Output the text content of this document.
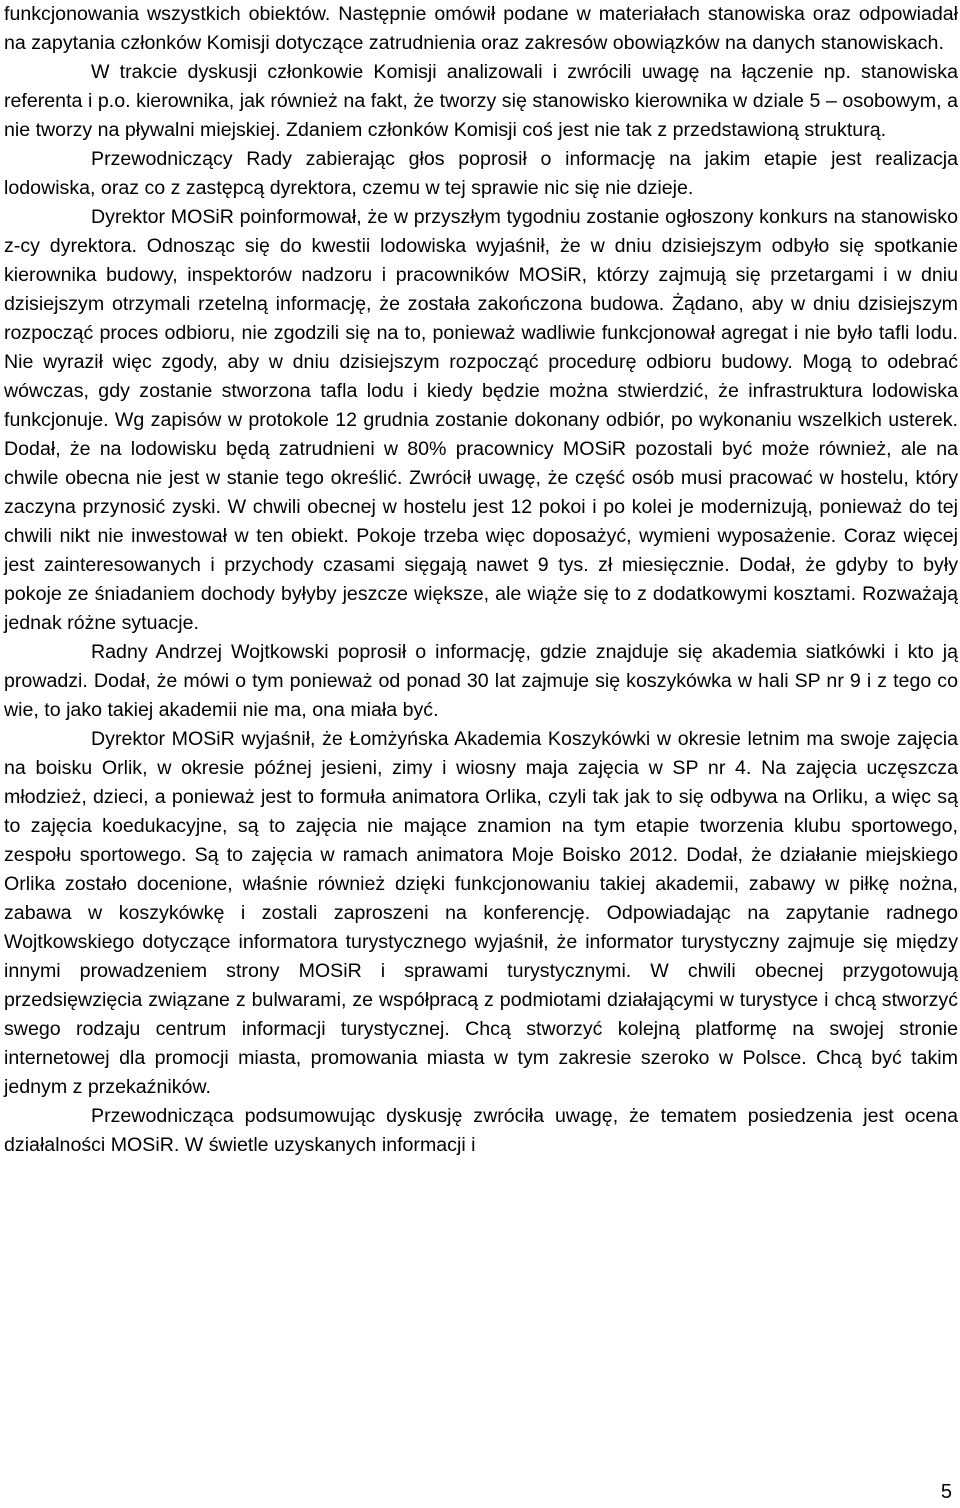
funkcjonowania wszystkich obiektów. Następnie omówił podane w materiałach stanowiska oraz odpowiadał na zapytania członków Komisji dotyczące zatrudnienia oraz zakresów obowiązków na danych stanowiskach.

W trakcie dyskusji członkowie Komisji analizowali i zwrócili uwagę na łączenie np. stanowiska referenta i p.o. kierownika, jak również na fakt, że tworzy się stanowisko kierownika w dziale 5 – osobowym, a nie tworzy na pływalni miejskiej. Zdaniem członków Komisji coś jest nie tak z przedstawioną strukturą.

Przewodniczący Rady zabierając głos poprosił o informację na jakim etapie jest realizacja lodowiska, oraz co z zastępcą dyrektora, czemu w tej sprawie nic się nie dzieje.

Dyrektor MOSiR poinformował, że w przyszłym tygodniu zostanie ogłoszony konkurs na stanowisko z-cy dyrektora. Odnosząc się do kwestii lodowiska wyjaśnił, że w dniu dzisiejszym odbyło się spotkanie kierownika budowy, inspektorów nadzoru i pracowników MOSiR, którzy zajmują się przetargami i w dniu dzisiejszym otrzymali rzetelną informację, że została zakończona budowa. Żądano, aby w dniu dzisiejszym rozpocząć proces odbioru, nie zgodzili się na to, ponieważ wadliwie funkcjonował agregat i nie było tafli lodu. Nie wyraził więc zgody, aby w dniu dzisiejszym rozpocząć procedurę odbioru budowy. Mogą to odebrać wówczas, gdy zostanie stworzona tafla lodu i kiedy będzie można stwierdzić, że infrastruktura lodowiska funkcjonuje. Wg zapisów w protokole 12 grudnia zostanie dokonany odbiór, po wykonaniu wszelkich usterek. Dodał, że na lodowisku będą zatrudnieni w 80% pracownicy MOSiR pozostali być może również, ale na chwile obecna nie jest w stanie tego określić. Zwrócił uwagę, że część osób musi pracować w hostelu, który zaczyna przynosić zyski. W chwili obecnej w hostelu jest 12 pokoi i po kolei je modernizują, ponieważ do tej chwili nikt nie inwestował w ten obiekt. Pokoje trzeba więc doposażyć, wymieni wyposażenie. Coraz więcej jest zainteresowanych i przychody czasami sięgają nawet 9 tys. zł miesięcznie. Dodał, że gdyby to były pokoje ze śniadaniem dochody byłyby jeszcze większe, ale wiąże się to z dodatkowymi kosztami. Rozważają jednak różne sytuacje.

Radny Andrzej Wojtkowski poprosił o informację, gdzie znajduje się akademia siatkówki i kto ją prowadzi. Dodał, że mówi o tym ponieważ od ponad 30 lat zajmuje się koszykówka w hali SP nr 9 i z tego co wie, to jako takiej akademii nie ma, ona miała być.

Dyrektor MOSiR wyjaśnił, że Łomżyńska Akademia Koszykówki w okresie letnim ma swoje zajęcia na boisku Orlik, w okresie późnej jesieni, zimy i wiosny maja zajęcia w SP nr 4. Na zajęcia uczęszcza młodzież, dzieci, a ponieważ jest to formuła animatora Orlika, czyli tak jak to się odbywa na Orliku, a więc są to zajęcia koedukacyjne, są to zajęcia nie mające znamion na tym etapie tworzenia klubu sportowego, zespołu sportowego. Są to zajęcia w ramach animatora Moje Boisko 2012. Dodał, że działanie miejskiego Orlika zostało docenione, właśnie również dzięki funkcjonowaniu takiej akademii, zabawy w piłkę nożna, zabawa w koszykówkę i zostali zaproszeni na konferencję. Odpowiadając na zapytanie radnego Wojtkowskiego dotyczące informatora turystycznego wyjaśnił, że informator turystyczny zajmuje się między innymi prowadzeniem strony MOSiR i sprawami turystycznymi. W chwili obecnej przygotowują przedsięwzięcia związane z bulwarami, ze współpracą z podmiotami działającymi w turystyce i chcą stworzyć swego rodzaju centrum informacji turystycznej. Chcą stworzyć kolejną platformę na swojej stronie internetowej dla promocji miasta, promowania miasta w tym zakresie szeroko w Polsce. Chcą być takim jednym z przekaźników.

Przewodnicząca podsumowując dyskusję zwróciła uwagę, że tematem posiedzenia jest ocena działalności MOSiR. W świetle uzyskanych informacji i

5
